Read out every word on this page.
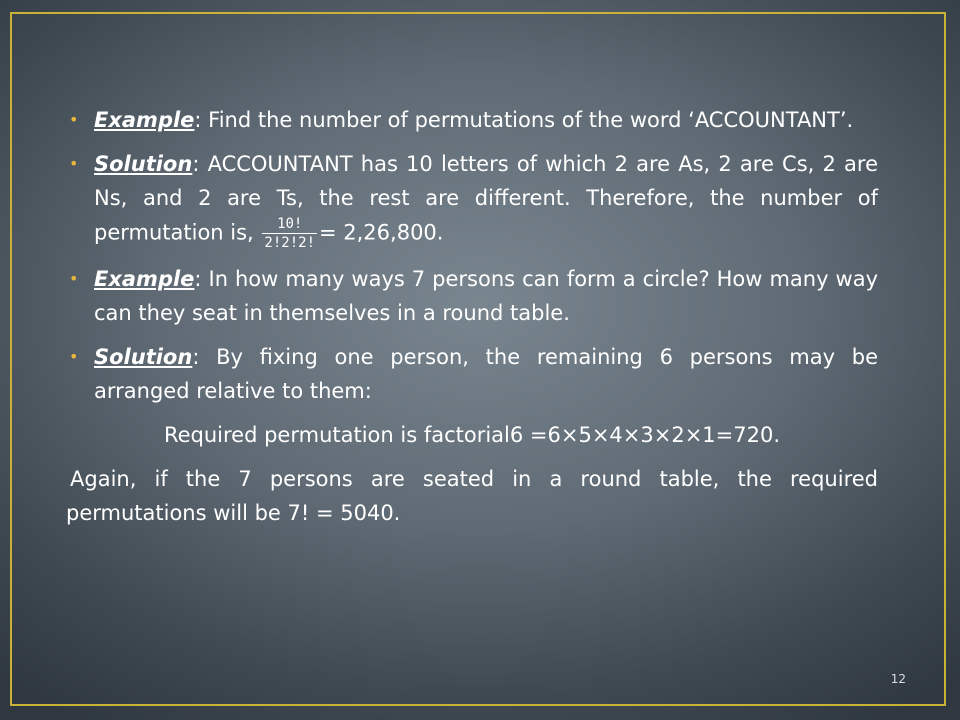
• Example: Find the number of permutations of the word ‘ACCOUNTANT’.
• Solution: ACCOUNTANT has 10 letters of which 2 are As, 2 are Cs, 2 are Ns, and 2 are Ts, the rest are different. Therefore, the number of permutation is, $\frac{10!}{2!2!2!} = 2,26,800$.
• Example: In how many ways 7 persons can form a circle? How many way can they seat in themselves in a round table.
• Solution: By fixing one person, the remaining 6 persons may be arranged relative to them:
Required permutation is factorial6 =6×5×4×3×2×1=720.
Again, if the 7 persons are seated in a round table, the required permutations will be 7! = 5040.
12
